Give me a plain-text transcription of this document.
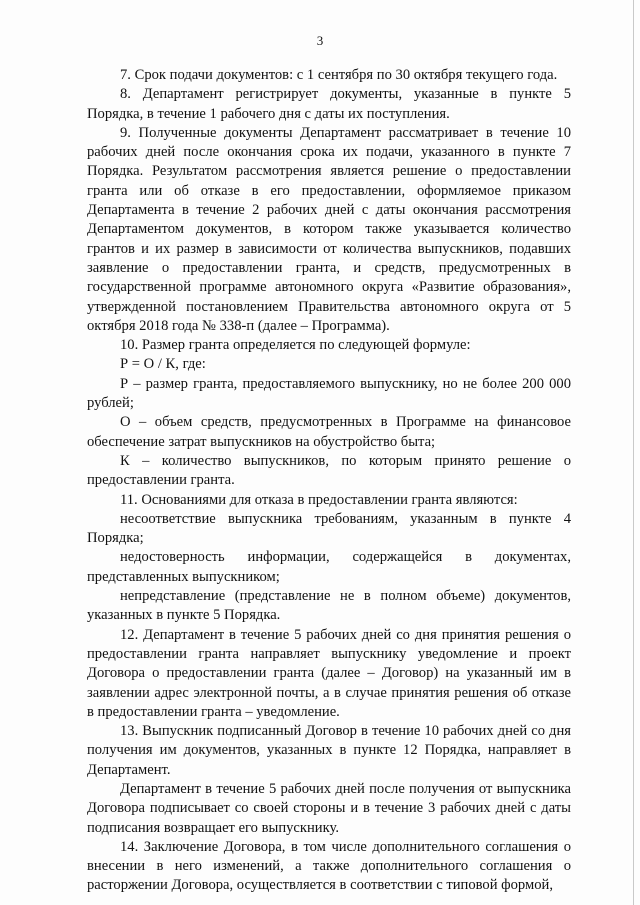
3

7. Срок подачи документов: с 1 сентября по 30 октября текущего года.

8. Департамент регистрирует документы, указанные в пункте 5 Порядка, в течение 1 рабочего дня с даты их поступления.

9. Полученные документы Департамент рассматривает в течение 10 рабочих дней после окончания срока их подачи, указанного в пункте 7 Порядка. Результатом рассмотрения является решение о предоставлении гранта или об отказе в его предоставлении, оформляемое приказом Департамента в течение 2 рабочих дней с даты окончания рассмотрения Департаментом документов, в котором также указывается количество грантов и их размер в зависимости от количества выпускников, подавших заявление о предоставлении гранта, и средств, предусмотренных в государственной программе автономного округа «Развитие образования», утвержденной постановлением Правительства автономного округа от 5 октября 2018 года № 338-п (далее – Программа).

10. Размер гранта определяется по следующей формуле:

Р = О / К, где:

Р – размер гранта, предоставляемого выпускнику, но не более 200 000 рублей;

О – объем средств, предусмотренных в Программе на финансовое обеспечение затрат выпускников на обустройство быта;

К – количество выпускников, по которым принято решение о предоставлении гранта.

11. Основаниями для отказа в предоставлении гранта являются:

несоответствие выпускника требованиям, указанным в пункте 4 Порядка;

недостоверность информации, содержащейся в документах, представленных выпускником;

непредставление (представление не в полном объеме) документов, указанных в пункте 5 Порядка.

12. Департамент в течение 5 рабочих дней со дня принятия решения о предоставлении гранта направляет выпускнику уведомление и проект Договора о предоставлении гранта (далее – Договор) на указанный им в заявлении адрес электронной почты, а в случае принятия решения об отказе в предоставлении гранта – уведомление.

13. Выпускник подписанный Договор в течение 10 рабочих дней со дня получения им документов, указанных в пункте 12 Порядка, направляет в Департамент.

Департамент в течение 5 рабочих дней после получения от выпускника Договора подписывает со своей стороны и в течение 3 рабочих дней с даты подписания возвращает его выпускнику.

14. Заключение Договора, в том числе дополнительного соглашения о внесении в него изменений, а также дополнительного соглашения о расторжении Договора, осуществляется в соответствии с типовой формой,
